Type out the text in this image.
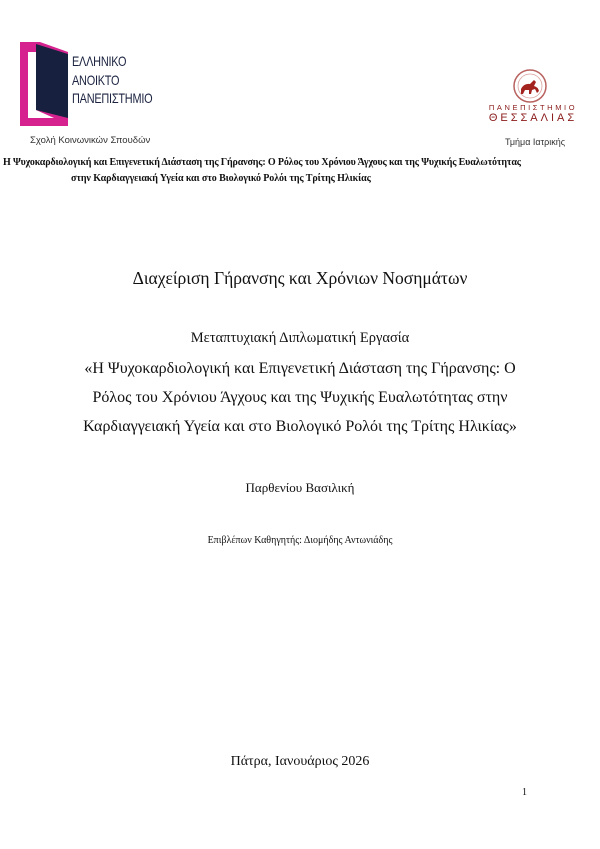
ΕΛΛΗΝΙΚΟ
ΑΝΟΙΚΤΟ
ΠΑΝΕΠΙΣΤΗΜΙΟ
Σχολή Κοινωνικών Σπουδών
ΠΑΝΕΠΙΣΤΗΜΙΟ
ΘΕΣΣΑΛΙΑΣ
Τμήμα Ιατρικής
Η Ψυχοκαρδιολογική και Επιγενετική Διάσταση της Γήρανσης: Ο Ρόλος του Χρόνιου Άγχους και της Ψυχικής Ευαλωτότητας
στην Καρδιαγγειακή Υγεία και στο Βιολογικό Ρολόι της Τρίτης Ηλικίας
Διαχείριση Γήρανσης και Χρόνιων Νοσημάτων
Μεταπτυχιακή Διπλωματική Εργασία
«Η Ψυχοκαρδιολογική και Επιγενετική Διάσταση της Γήρανσης: Ο
Ρόλος του Χρόνιου Άγχους και της Ψυχικής Ευαλωτότητας στην
Καρδιαγγειακή Υγεία και στο Βιολογικό Ρολόι της Τρίτης Ηλικίας»
Παρθενίου Βασιλική
Επιβλέπων Καθηγητής: Διομήδης Αντωνιάδης
Πάτρα, Ιανουάριος 2026
1
